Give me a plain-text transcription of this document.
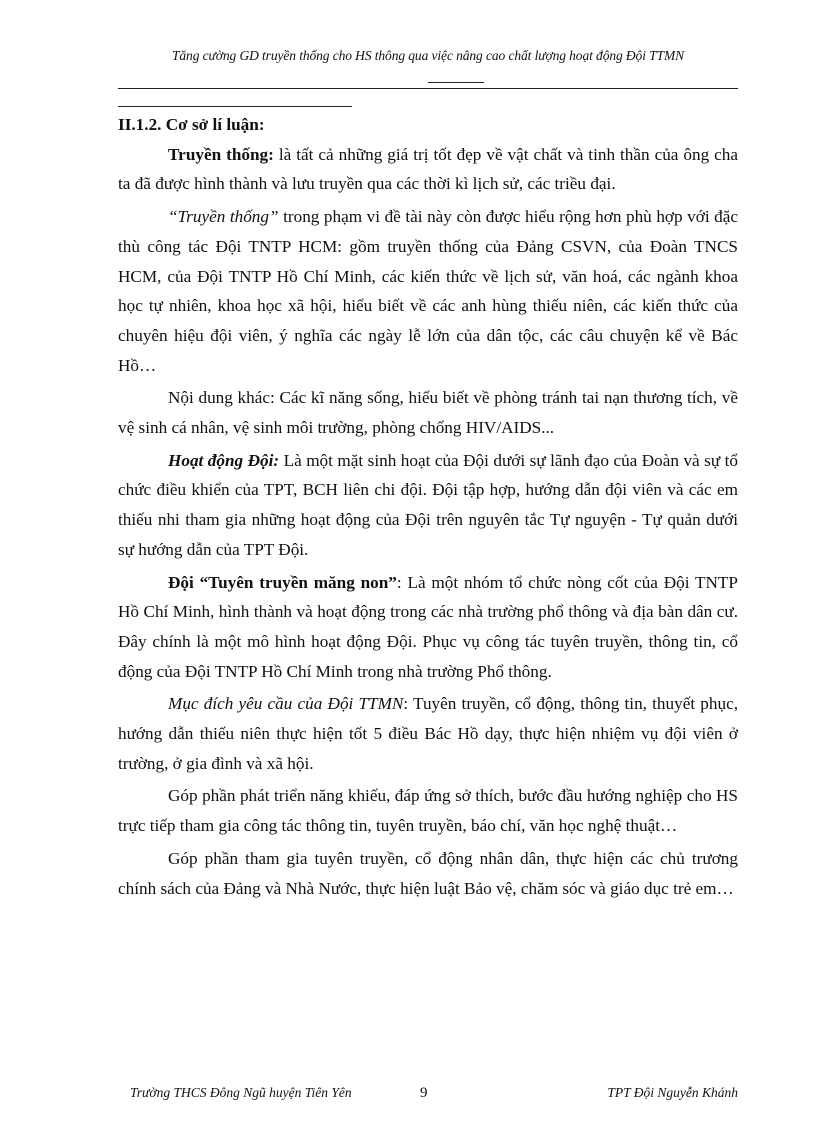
Tăng cường GD truyền thống cho HS thông qua việc nâng cao chất lượng hoạt động Đội TTMN

II.1.2. Cơ sở lí luận:

Truyền thống: là tất cả những giá trị tốt đẹp về vật chất và tinh thần của ông cha ta đã được hình thành và lưu truyền qua các thời kì lịch sử, các triều đại.

“Truyền thống” trong phạm vi đề tài này còn được hiểu rộng hơn phù hợp với đặc thù công tác Đội TNTP HCM: gồm truyền thống của Đảng CSVN, của Đoàn TNCS HCM, của Đội TNTP Hồ Chí Minh, các kiến thức về lịch sử, văn hoá, các ngành khoa học tự nhiên, khoa học xã hội, hiểu biết về các anh hùng thiếu niên, các kiến thức của chuyên hiệu đội viên, ý nghĩa các ngày lễ lớn của dân tộc, các câu chuyện kể về Bác Hồ…

Nội dung khác: Các kĩ năng sống, hiểu biết về phòng tránh tai nạn thương tích, về vệ sinh cá nhân, vệ sinh môi trường, phòng chống HIV/AIDS...

Hoạt động Đội: Là một mặt sinh hoạt của Đội dưới sự lãnh đạo của Đoàn và sự tổ chức điều khiển của TPT, BCH liên chi đội. Đội tập hợp, hướng dẫn đội viên và các em thiếu nhi tham gia những hoạt động của Đội trên nguyên tắc Tự nguyện - Tự quản dưới sự hướng dẫn của TPT Đội.

Đội “Tuyên truyền măng non”: Là một nhóm tổ chức nòng cốt của Đội TNTP Hồ Chí Minh, hình thành và hoạt động trong các nhà trường phổ thông và địa bàn dân cư. Đây chính là một mô hình hoạt động Đội. Phục vụ công tác tuyên truyền, thông tin, cổ động của Đội TNTP Hồ Chí Minh trong nhà trường Phổ thông.

Mục đích yêu cầu của Đội TTMN: Tuyên truyền, cổ động, thông tin, thuyết phục, hướng dẫn thiếu niên thực hiện tốt 5 điều Bác Hồ dạy, thực hiện nhiệm vụ đội viên ở trường, ở gia đình và xã hội.

Góp phần phát triển năng khiếu, đáp ứng sở thích, bước đầu hướng nghiệp cho HS trực tiếp tham gia công tác thông tin, tuyên truyền, báo chí, văn học nghệ thuật…

Góp phần tham gia tuyên truyền, cổ động nhân dân, thực hiện các chủ trương chính sách của Đảng và Nhà Nước, thực hiện luật Bảo vệ, chăm sóc và giáo dục trẻ em…

Trường THCS Đông Ngũ huyện Tiên Yên	9	TPT Đội Nguyễn Khánh
